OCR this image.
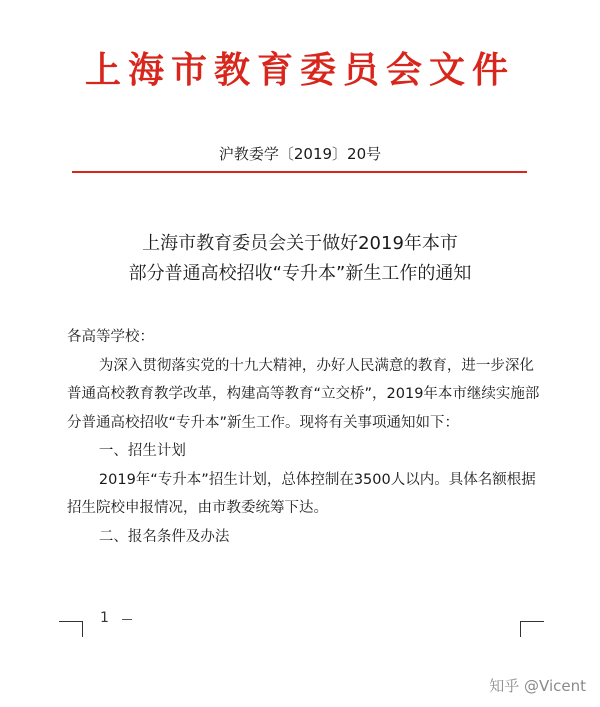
上海市教育委员会文件
沪教委学〔2019〕20号
上海市教育委员会关于做好2019年本市
部分普通高校招收“专升本”新生工作的通知

各高等学校：

为深入贯彻落实党的十九大精神，办好人民满意的教育，进一步深化普通高校教育教学改革，构建高等教育“立交桥”，2019年本市继续实施部分普通高校招收“专升本”新生工作。现将有关事项通知如下：

一、招生计划

2019年“专升本”招生计划，总体控制在3500人以内。具体名额根据招生院校申报情况，由市教委统筹下达。

二、报名条件及办法

1
知乎 @Vicent
